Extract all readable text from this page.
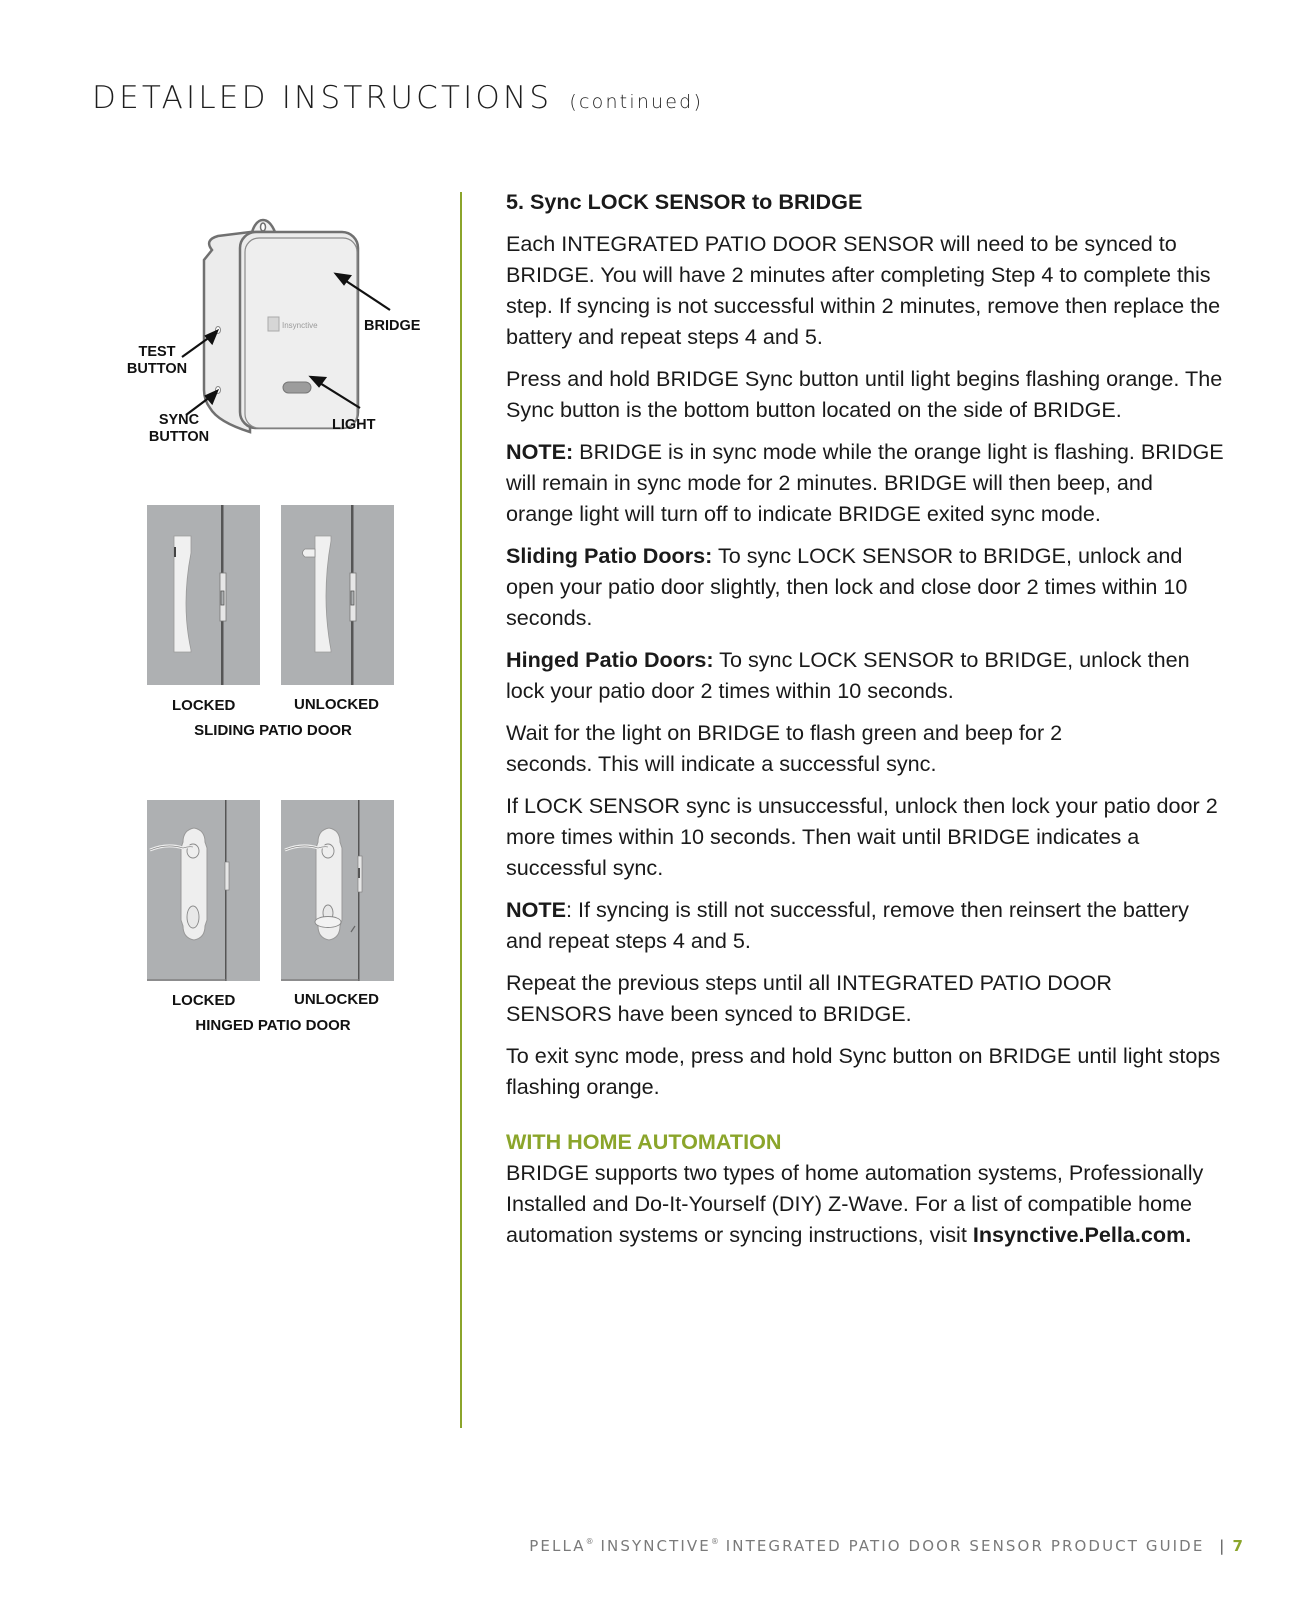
DETAILED INSTRUCTIONS (continued)
Insynctive
TEST
BUTTON
SYNC
BUTTON
BRIDGE
LIGHT
LOCKED	UNLOCKED
SLIDING PATIO DOOR
LOCKED	UNLOCKED
HINGED PATIO DOOR
5. Sync LOCK SENSOR to BRIDGE

Each INTEGRATED PATIO DOOR SENSOR will need to be synced to BRIDGE. You will have 2 minutes after completing Step 4 to complete this step. If syncing is not successful within 2 minutes, remove then replace the battery and repeat steps 4 and 5.

Press and hold BRIDGE Sync button until light begins flashing orange. The Sync button is the bottom button located on the side of BRIDGE.

NOTE: BRIDGE is in sync mode while the orange light is flashing. BRIDGE will remain in sync mode for 2 minutes. BRIDGE will then beep, and orange light will turn off to indicate BRIDGE exited sync mode.

Sliding Patio Doors: To sync LOCK SENSOR to BRIDGE, unlock and open your patio door slightly, then lock and close door 2 times within 10 seconds.

Hinged Patio Doors: To sync LOCK SENSOR to BRIDGE, unlock then lock your patio door 2 times within 10 seconds.

Wait for the light on BRIDGE to flash green and beep for 2 seconds. This will indicate a successful sync.

If LOCK SENSOR sync is unsuccessful, unlock then lock your patio door 2 more times within 10 seconds. Then wait until BRIDGE indicates a successful sync.

NOTE: If syncing is still not successful, remove then reinsert the battery and repeat steps 4 and 5.

Repeat the previous steps until all INTEGRATED PATIO DOOR SENSORS have been synced to BRIDGE.

To exit sync mode, press and hold Sync button on BRIDGE until light stops flashing orange.

WITH HOME AUTOMATION

BRIDGE supports two types of home automation systems, Professionally Installed and Do-It-Yourself (DIY) Z-Wave. For a list of compatible home automation systems or syncing instructions, visit Insynctive.Pella.com.

PELLA® INSYNCTIVE® INTEGRATED PATIO DOOR SENSOR PRODUCT GUIDE | 7
